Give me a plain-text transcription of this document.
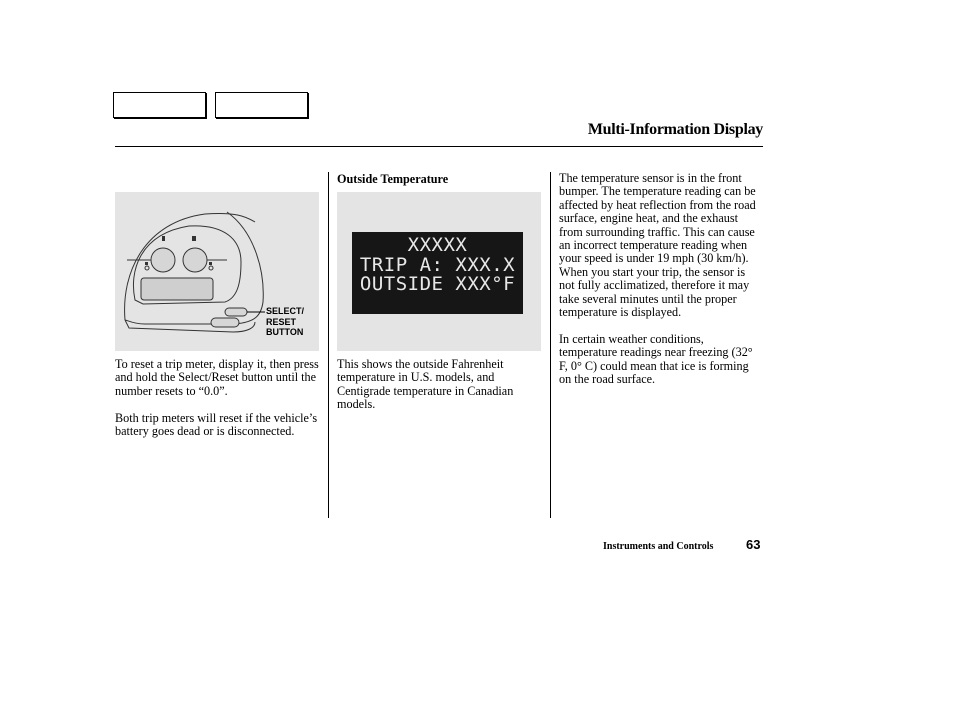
Multi-Information Display
SELECT/
RESET
BUTTON

To reset a trip meter, display it, then press and hold the Select/Reset button until the number resets to “0.0”.

Both trip meters will reset if the vehicle’s battery goes dead or is disconnected.

Outside Temperature
XXXXX
TRIP A: XXX.X
OUTSIDE XXX°F

This shows the outside Fahrenheit temperature in U.S. models, and Centigrade temperature in Canadian models.

The temperature sensor is in the front bumper. The temperature reading can be affected by heat reflection from the road surface, engine heat, and the exhaust from surrounding traffic. This can cause an incorrect temperature reading when your speed is under 19 mph (30 km/h). When you start your trip, the sensor is not fully acclimatized, therefore it may take several minutes until the proper temperature is displayed.

In certain weather conditions, temperature readings near freezing (32° F, 0° C) could mean that ice is forming on the road surface.

Instruments and Controls	63
